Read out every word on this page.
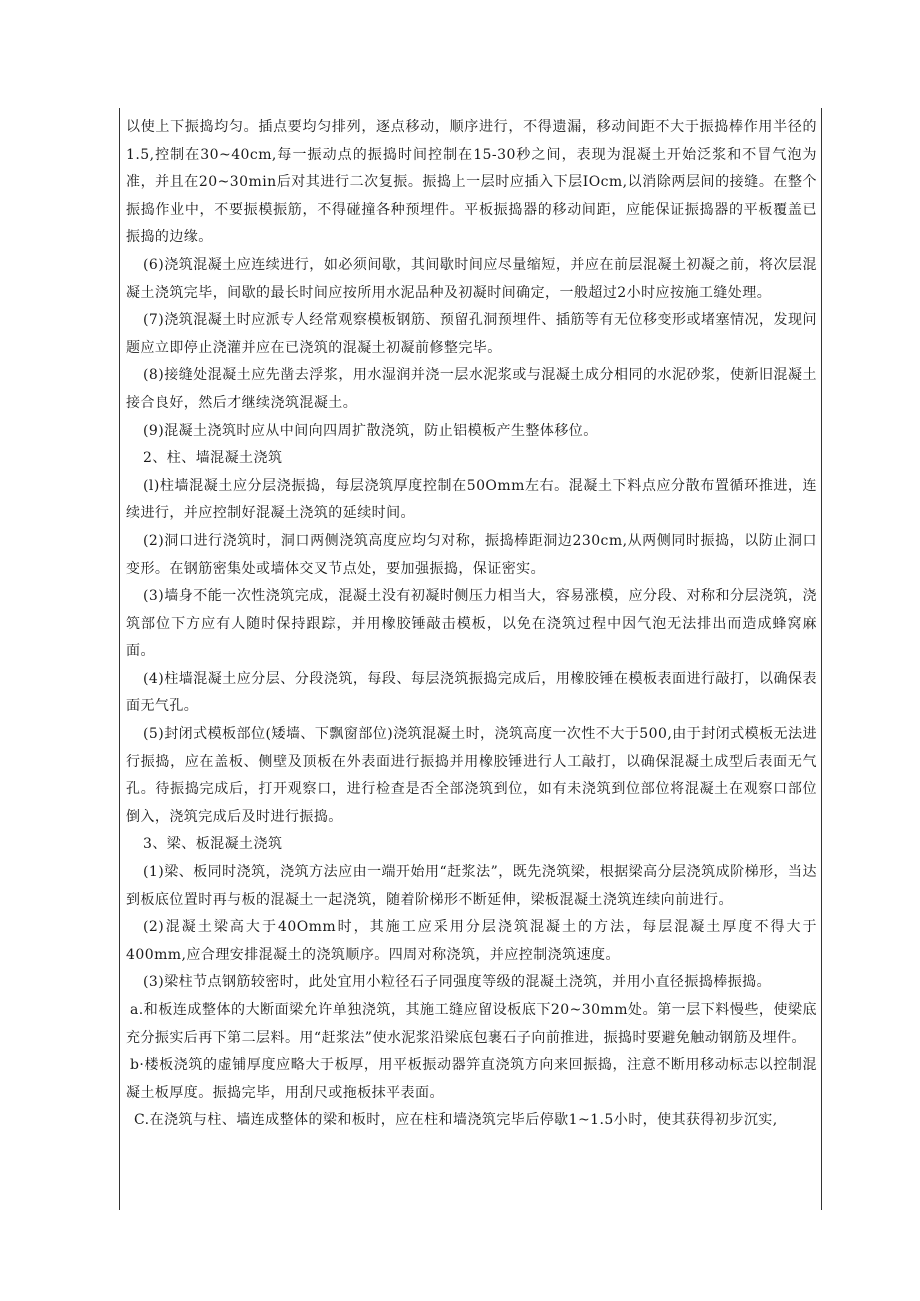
以使上下振捣均匀。插点要均匀排列，逐点移动，顺序进行，不得遗漏，移动间距不大于振捣棒作用半径的1.5,控制在30~40cm,每一振动点的振捣时间控制在15-30秒之间，表现为混凝土开始泛浆和不冒气泡为准，并且在20~30min后对其进行二次复振。振捣上一层时应插入下层IOcm,以消除两层间的接缝。在整个振捣作业中，不要振模振筋，不得碰撞各种预埋件。平板振捣器的移动间距，应能保证振捣器的平板覆盖已振捣的边缘。

(6)浇筑混凝土应连续进行，如必须间歇，其间歇时间应尽量缩短，并应在前层混凝土初凝之前，将次层混凝土浇筑完毕，间歇的最长时间应按所用水泥品种及初凝时间确定，一般超过2小时应按施工缝处理。

(7)浇筑混凝土时应派专人经常观察模板钢筋、预留孔洞预埋件、插筋等有无位移变形或堵塞情况，发现问题应立即停止浇灌并应在已浇筑的混凝土初凝前修整完毕。

(8)接缝处混凝土应先凿去浮浆，用水湿润并浇一层水泥浆或与混凝土成分相同的水泥砂浆，使新旧混凝土接合良好，然后才继续浇筑混凝土。

(9)混凝土浇筑时应从中间向四周扩散浇筑，防止铝模板产生整体移位。

2、柱、墙混凝土浇筑

(l)柱墙混凝土应分层浇振捣，每层浇筑厚度控制在50Omm左右。混凝土下料点应分散布置循环推进，连续进行，并应控制好混凝土浇筑的延续时间。

(2)洞口进行浇筑时，洞口两侧浇筑高度应均匀对称，振捣棒距洞边230cm,从两侧同时振捣，以防止洞口变形。在钢筋密集处或墙体交叉节点处，要加强振捣，保证密实。

(3)墙身不能一次性浇筑完成，混凝土没有初凝时侧压力相当大，容易涨模，应分段、对称和分层浇筑，浇筑部位下方应有人随时保持跟踪，并用橡胶锤敲击模板，以免在浇筑过程中因气泡无法排出而造成蜂窝麻面。

(4)柱墙混凝土应分层、分段浇筑，每段、每层浇筑振捣完成后，用橡胶锤在模板表面进行敲打，以确保表面无气孔。

(5)封闭式模板部位(矮墙、下飘窗部位)浇筑混凝土时，浇筑高度一次性不大于500,由于封闭式模板无法进行振捣，应在盖板、侧壁及顶板在外表面进行振捣并用橡胶锤进行人工敲打，以确保混凝土成型后表面无气孔。待振捣完成后，打开观察口，进行检查是否全部浇筑到位，如有未浇筑到位部位将混凝土在观察口部位倒入，浇筑完成后及时进行振捣。

3、梁、板混凝土浇筑

(1)梁、板同时浇筑，浇筑方法应由一端开始用“赶浆法”，既先浇筑梁，根据梁高分层浇筑成阶梯形，当达到板底位置时再与板的混凝土一起浇筑，随着阶梯形不断延伸，梁板混凝土浇筑连续向前进行。

(2)混凝土梁高大于40Omm时，其施工应采用分层浇筑混凝土的方法，每层混凝土厚度不得大于400mm,应合理安排混凝土的浇筑顺序。四周对称浇筑，并应控制浇筑速度。

(3)梁柱节点钢筋较密时，此处宜用小粒径石子同强度等级的混凝土浇筑，并用小直径振捣棒振捣。

a.和板连成整体的大断面梁允许单独浇筑，其施工缝应留设板底下20~30mm处。第一层下料慢些，使梁底充分振实后再下第二层料。用“赶浆法”使水泥浆沿梁底包裹石子向前推进，振捣时要避免触动钢筋及埋件。

b·楼板浇筑的虚铺厚度应略大于板厚，用平板振动器笄直浇筑方向来回振捣，注意不断用移动标志以控制混凝土板厚度。振捣完毕，用刮尺或拖板抹平表面。

C.在浇筑与柱、墙连成整体的梁和板时，应在柱和墙浇筑完毕后停歇1~1.5小时，使其获得初步沉实,
